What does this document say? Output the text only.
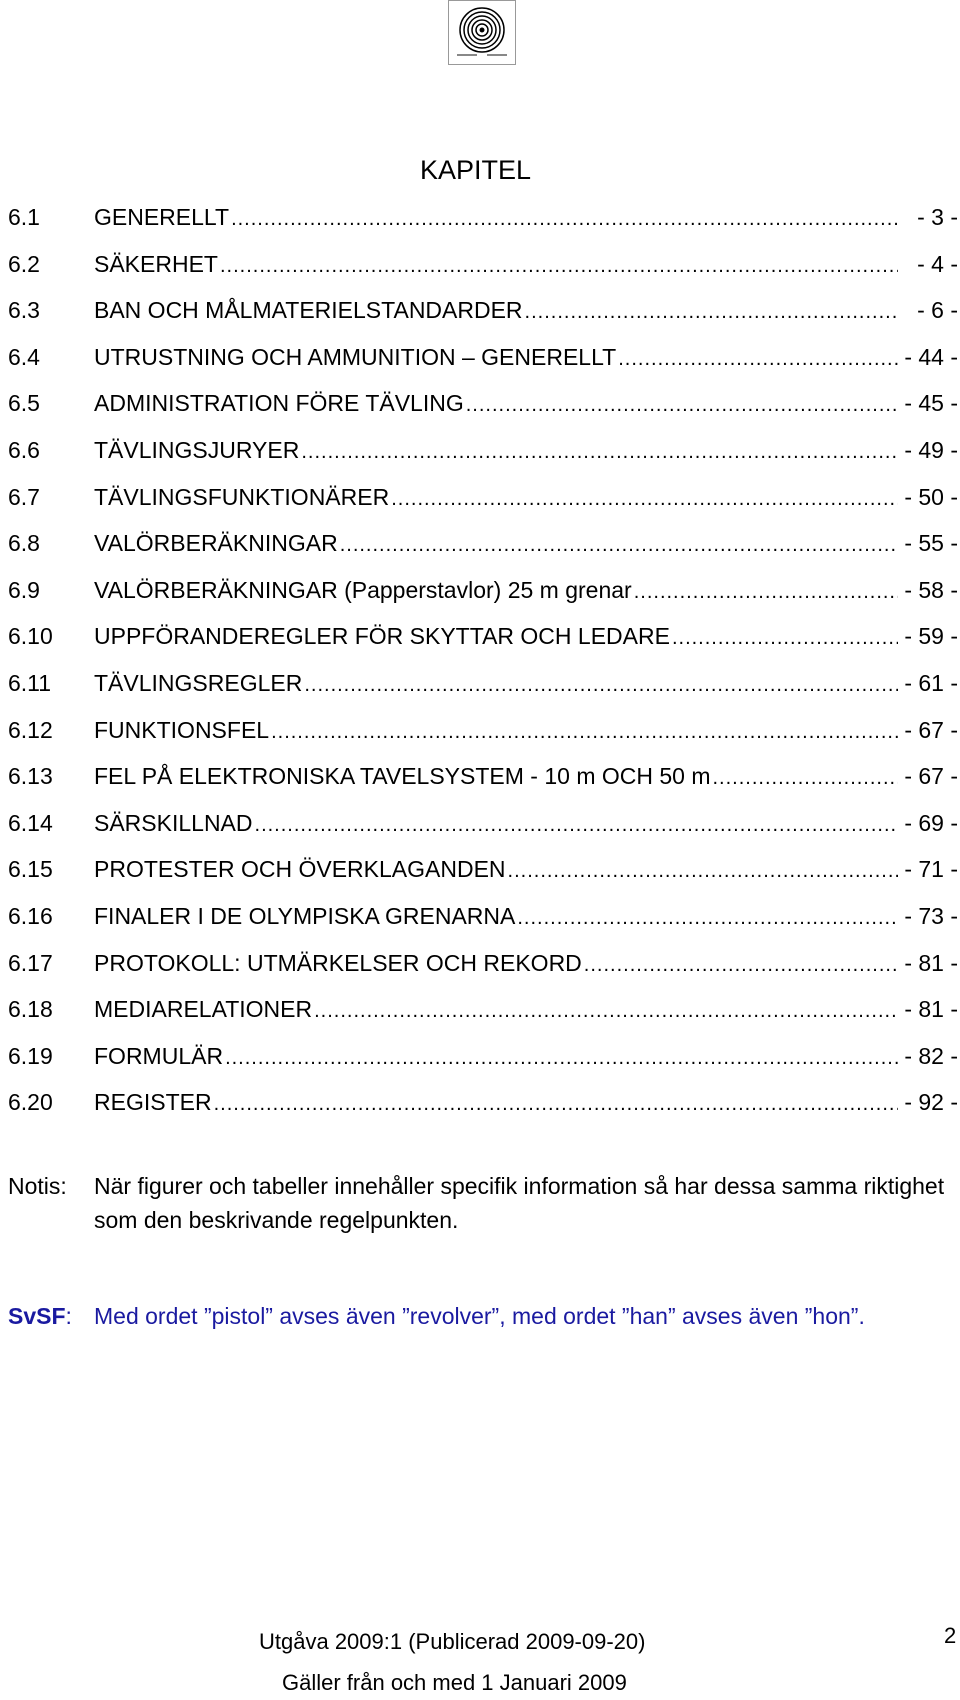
KAPITEL
6.1	GENERELLT .....	- 3 -
6.2	SÄKERHET .....	- 4 -
6.3	BAN OCH MÅLMATERIELSTANDARDER .....	- 6 -
6.4	UTRUSTNING OCH AMMUNITION – GENERELLT .....	- 44 -
6.5	ADMINISTRATION FÖRE TÄVLING .....	- 45 -
6.6	TÄVLINGSJURYER .....	- 49 -
6.7	TÄVLINGSFUNKTIONÄRER .....	- 50 -
6.8	VALÖRBERÄKNINGAR .....	- 55 -
6.9	VALÖRBERÄKNINGAR (Papperstavlor) 25 m grenar .....	- 58 -
6.10	UPPFÖRANDEREGLER FÖR SKYTTAR OCH LEDARE .....	- 59 -
6.11	TÄVLINGSREGLER .....	- 61 -
6.12	FUNKTIONSFEL .....	- 67 -
6.13	FEL PÅ ELEKTRONISKA TAVELSYSTEM - 10 m OCH 50 m .....	- 67 -
6.14	SÄRSKILLNAD .....	- 69 -
6.15	PROTESTER OCH ÖVERKLAGANDEN .....	- 71 -
6.16	FINALER I DE OLYMPISKA GRENARNA .....	- 73 -
6.17	PROTOKOLL: UTMÄRKELSER OCH REKORD .....	- 81 -
6.18	MEDIARELATIONER .....	- 81 -
6.19	FORMULÄR .....	- 82 -
6.20	REGISTER .....	- 92 -
Notis: När figurer och tabeller innehåller specifik information så har dessa samma riktighet som den beskrivande regelpunkten.
SvSF: Med ordet ”pistol” avses även ”revolver”, med ordet ”han” avses även ”hon”.
Utgåva 2009:1 (Publicerad 2009-09-20)	2
Gäller från och med 1 Januari 2009
